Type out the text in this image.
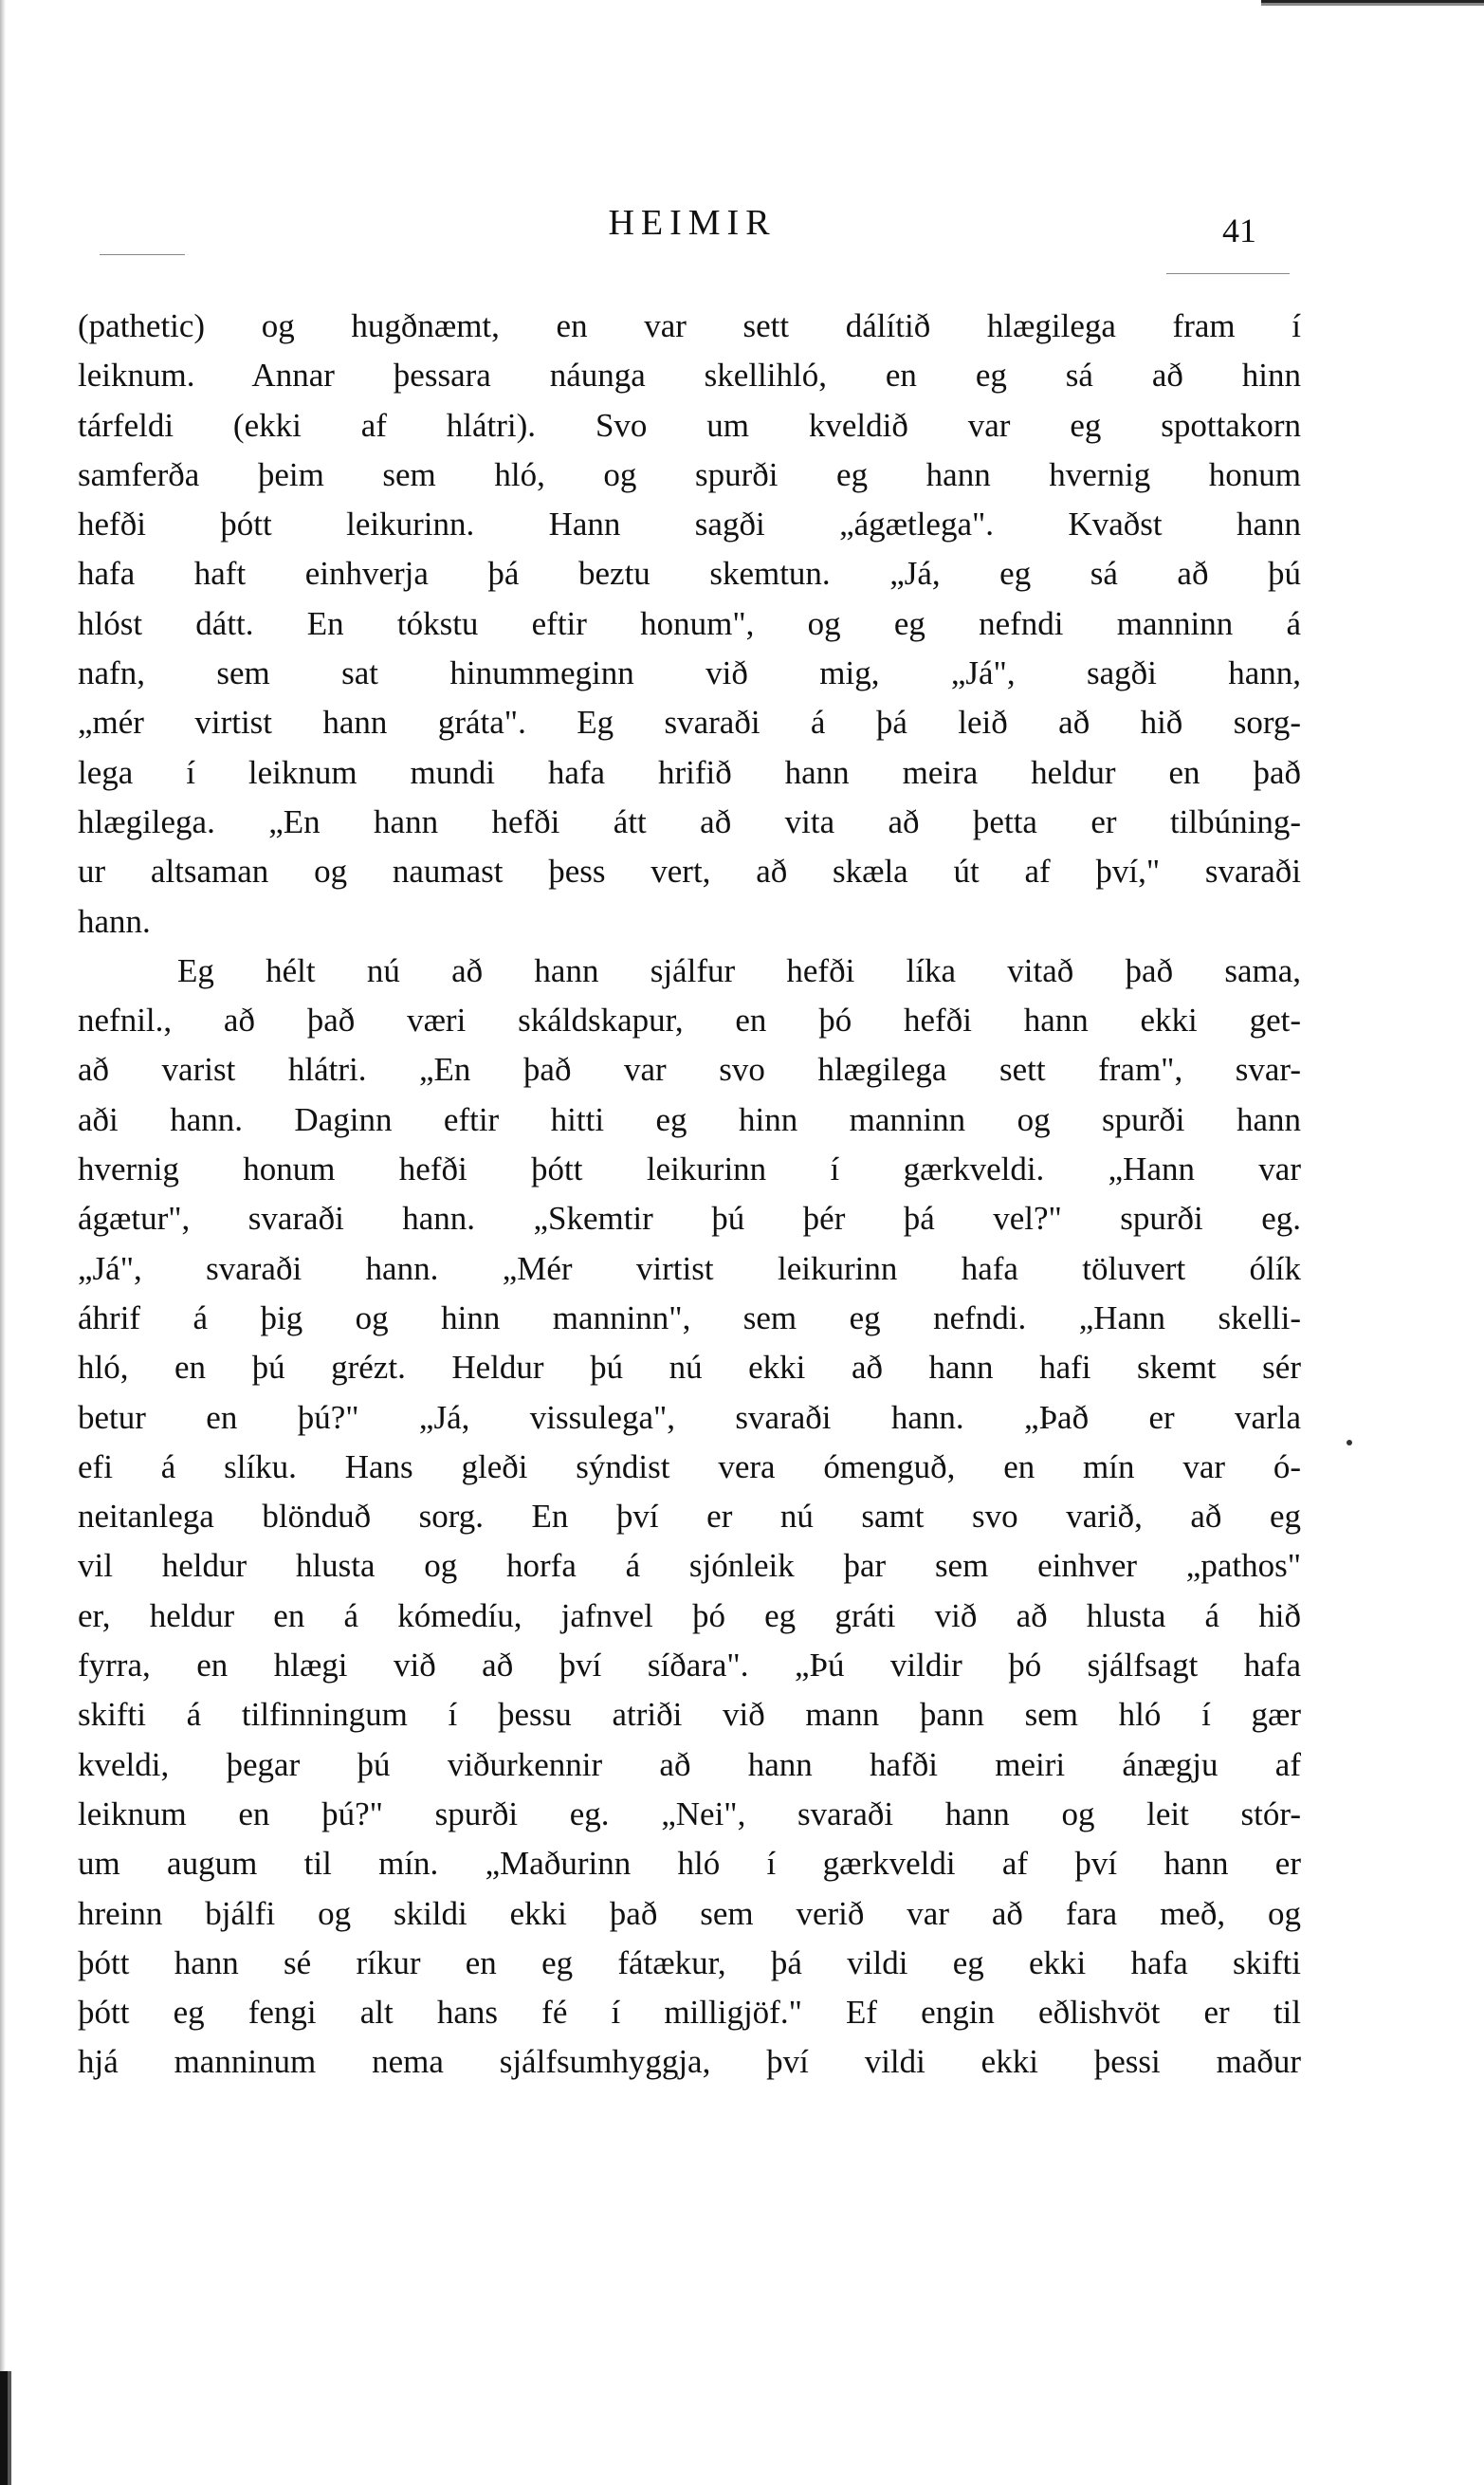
HEIMIR	41
(pathetic) og hugðnæmt, en var sett dálítið hlægilega fram í
leiknum. Annar þessara náunga skellihló, en eg sá að hinn
tárfeldi (ekki af hlátri). Svo um kveldið var eg spottakorn
samferða þeim sem hló, og spurði eg hann hvernig honum
hefði þótt leikurinn. Hann sagði „ágætlega". Kvaðst hann
hafa haft einhverja þá beztu skemtun. „Já, eg sá að þú
hlóst dátt. En tókstu eftir honum", og eg nefndi manninn á
nafn, sem sat hinummeginn við mig, „Já", sagði hann,
„mér virtist hann gráta". Eg svaraði á þá leið að hið sorg-
lega í leiknum mundi hafa hrifið hann meira heldur en það
hlægilega. „En hann hefði átt að vita að þetta er tilbúning-
ur altsaman og naumast þess vert, að skæla út af því," svaraði
hann.
Eg hélt nú að hann sjálfur hefði líka vitað það sama,
nefnil., að það væri skáldskapur, en þó hefði hann ekki get-
að varist hlátri. „En það var svo hlægilega sett fram", svar-
aði hann. Daginn eftir hitti eg hinn manninn og spurði hann
hvernig honum hefði þótt leikurinn í gærkveldi. „Hann var
ágætur", svaraði hann. „Skemtir þú þér þá vel?" spurði eg.
„Já", svaraði hann. „Mér virtist leikurinn hafa töluvert ólík
áhrif á þig og hinn manninn", sem eg nefndi. „Hann skelli-
hló, en þú grézt. Heldur þú nú ekki að hann hafi skemt sér
betur en þú?" „Já, vissulega", svaraði hann. „Það er varla
efi á slíku. Hans gleði sýndist vera ómenguð, en mín var ó-
neitanlega blönduð sorg. En því er nú samt svo varið, að eg
vil heldur hlusta og horfa á sjónleik þar sem einhver „pathos"
er, heldur en á kómedíu, jafnvel þó eg gráti við að hlusta á hið
fyrra, en hlægi við að því síðara". „Þú vildir þó sjálfsagt hafa
skifti á tilfinningum í þessu atriði við mann þann sem hló í gær
kveldi, þegar þú viðurkennir að hann hafði meiri ánægju af
leiknum en þú?" spurði eg. „Nei", svaraði hann og leit stór-
um augum til mín. „Maðurinn hló í gærkveldi af því hann er
hreinn bjálfi og skildi ekki það sem verið var að fara með, og
þótt hann sé ríkur en eg fátækur, þá vildi eg ekki hafa skifti
þótt eg fengi alt hans fé í milligjöf." Ef engin eðlishvöt er til
hjá manninum nema sjálfsumhyggja, því vildi ekki þessi maður
